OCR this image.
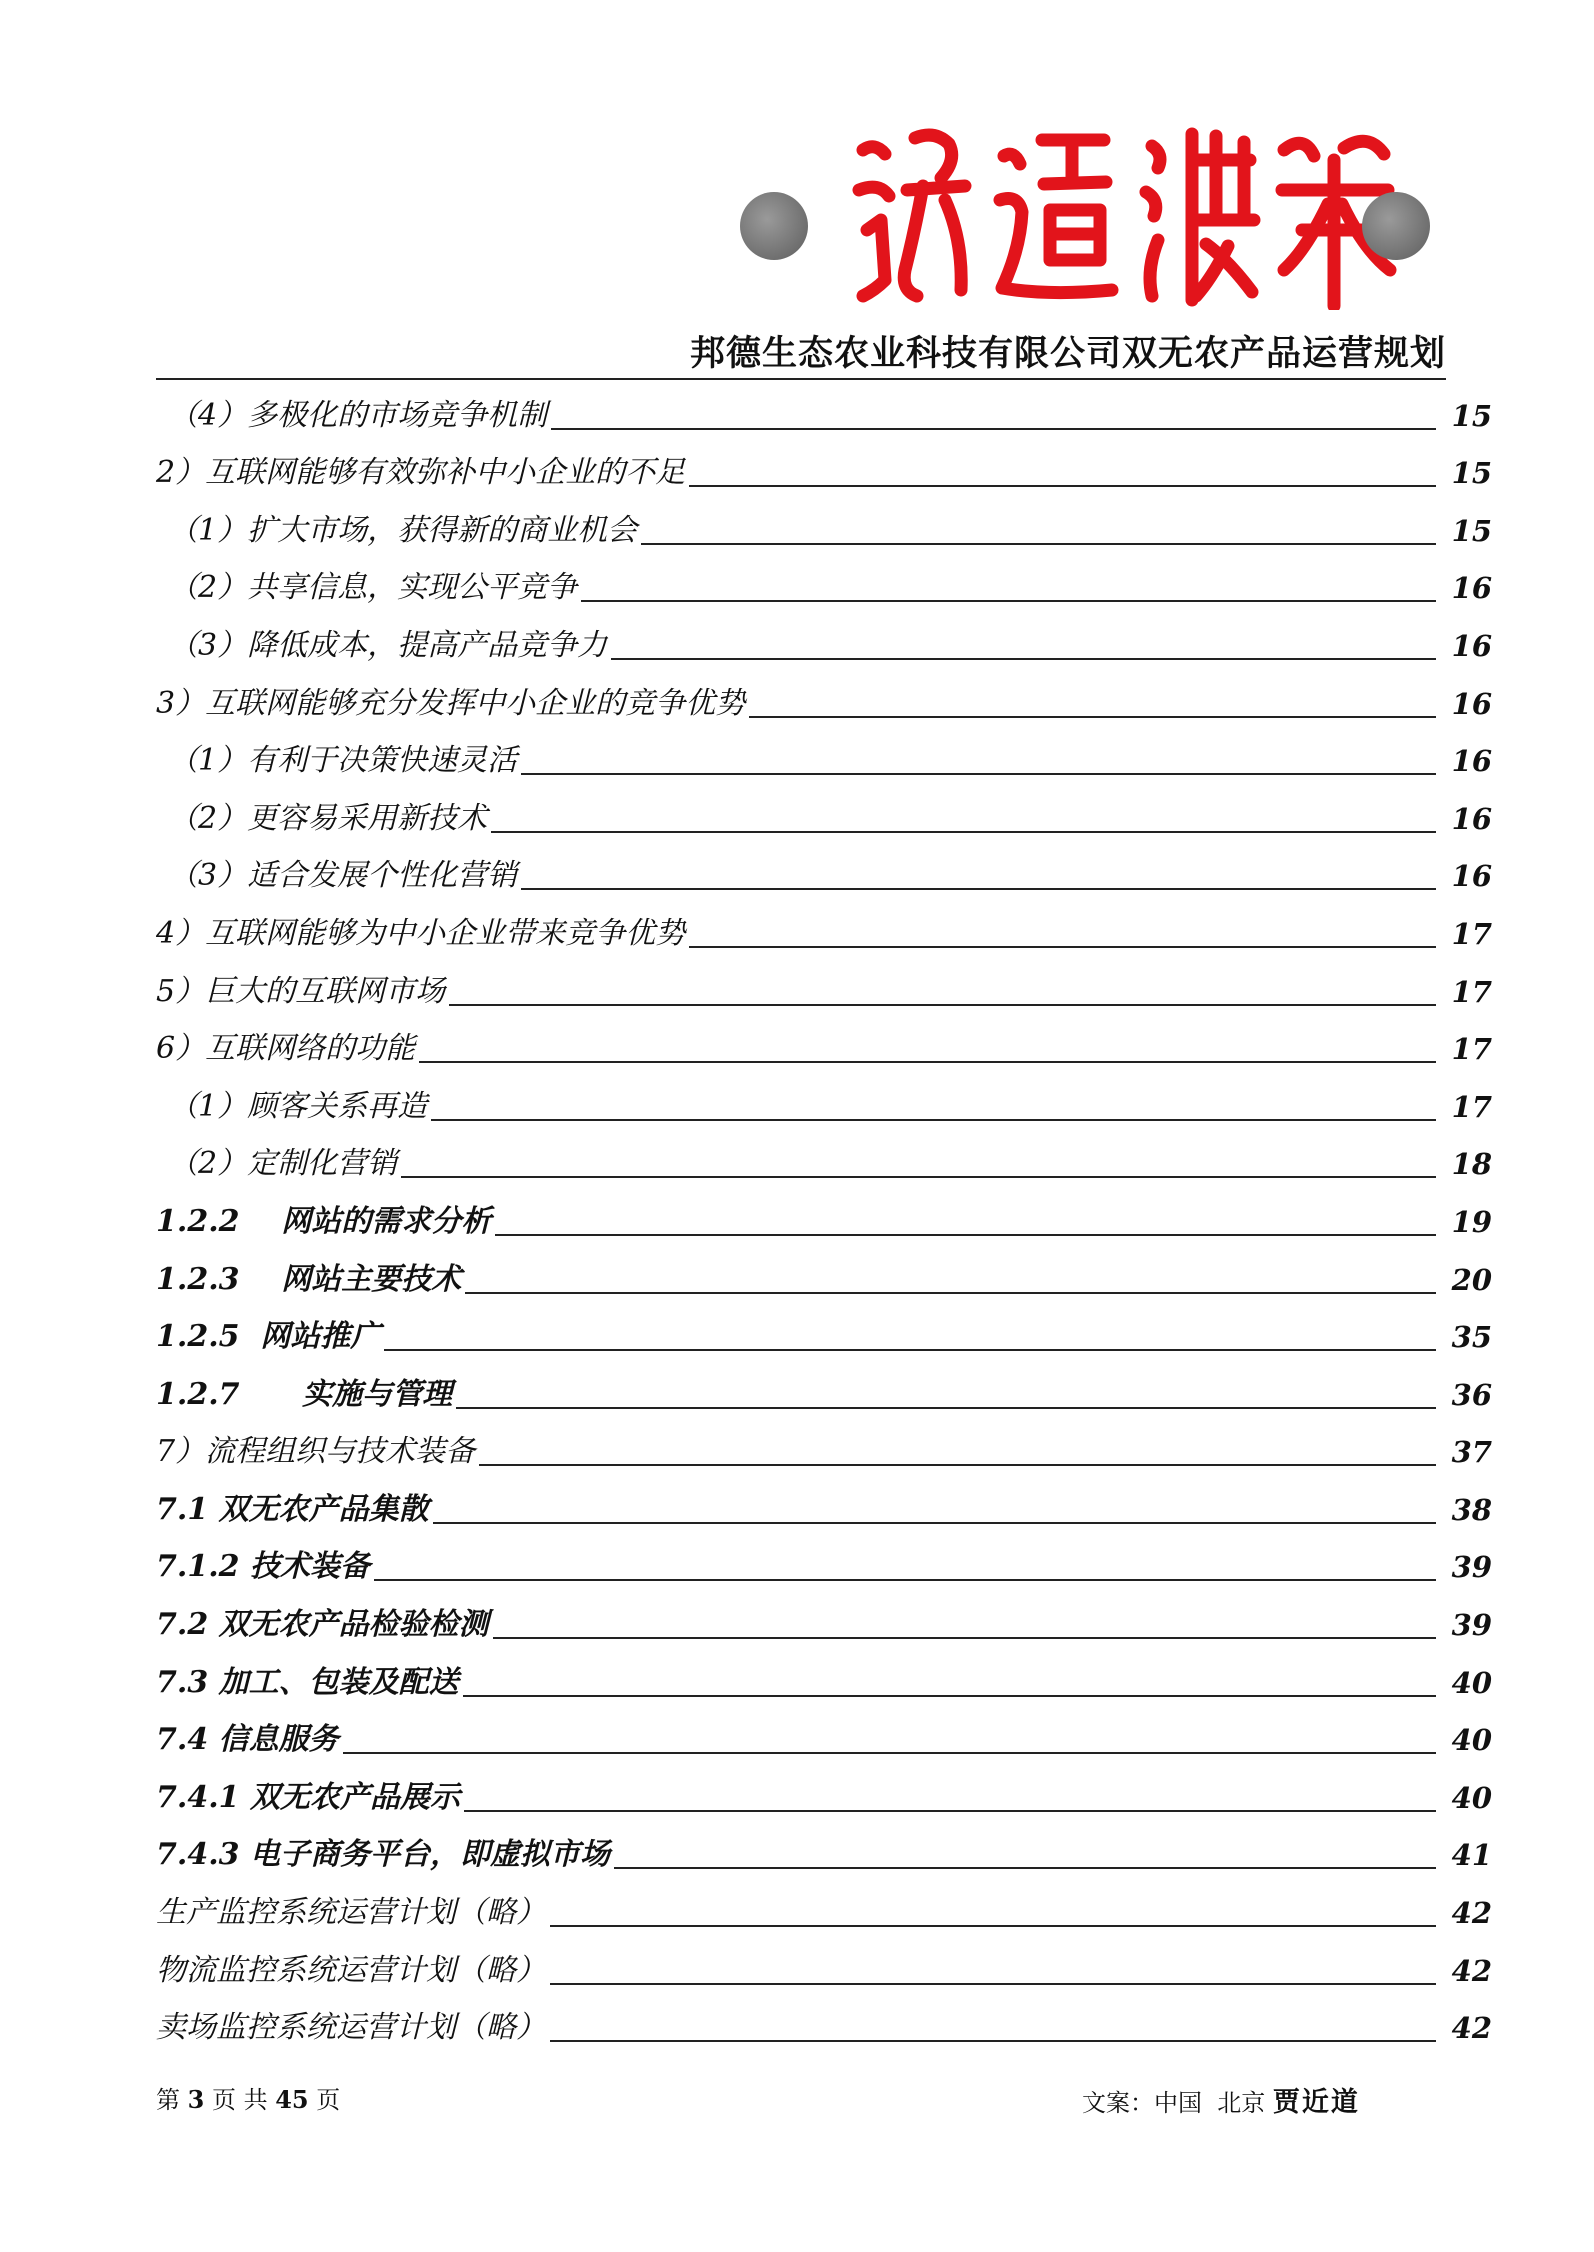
邦德生态农业科技有限公司双无农产品运营规划
（4）多极化的市场竞争机制	15
2）互联网能够有效弥补中小企业的不足	15
（1）扩大市场，获得新的商业机会	15
（2）共享信息，实现公平竞争	16
（3）降低成本，提高产品竞争力	16
3）互联网能够充分发挥中小企业的竞争优势	16
（1）有利于决策快速灵活	16
（2）更容易采用新技术	16
（3）适合发展个性化营销	16
4）互联网能够为中小企业带来竞争优势	17
5）巨大的互联网市场	17
6）互联网络的功能	17
（1）顾客关系再造	17
（2）定制化营销	18
1.2.2    网站的需求分析	19
1.2.3    网站主要技术	20
1.2.5  网站推广	35
1.2.7      实施与管理	36
7）流程组织与技术装备	37
7.1 双无农产品集散	38
7.1.2 技术装备	39
7.2 双无农产品检验检测	39
7.3 加工、包装及配送	40
7.4 信息服务	40
7.4.1 双无农产品展示	40
7.4.3 电子商务平台，即虚拟市场	41
生产监控系统运营计划（略）	42
物流监控系统运营计划（略）	42
卖场监控系统运营计划（略）	42
第 3 页 共 45 页	文案：中国  北京 贾近道
